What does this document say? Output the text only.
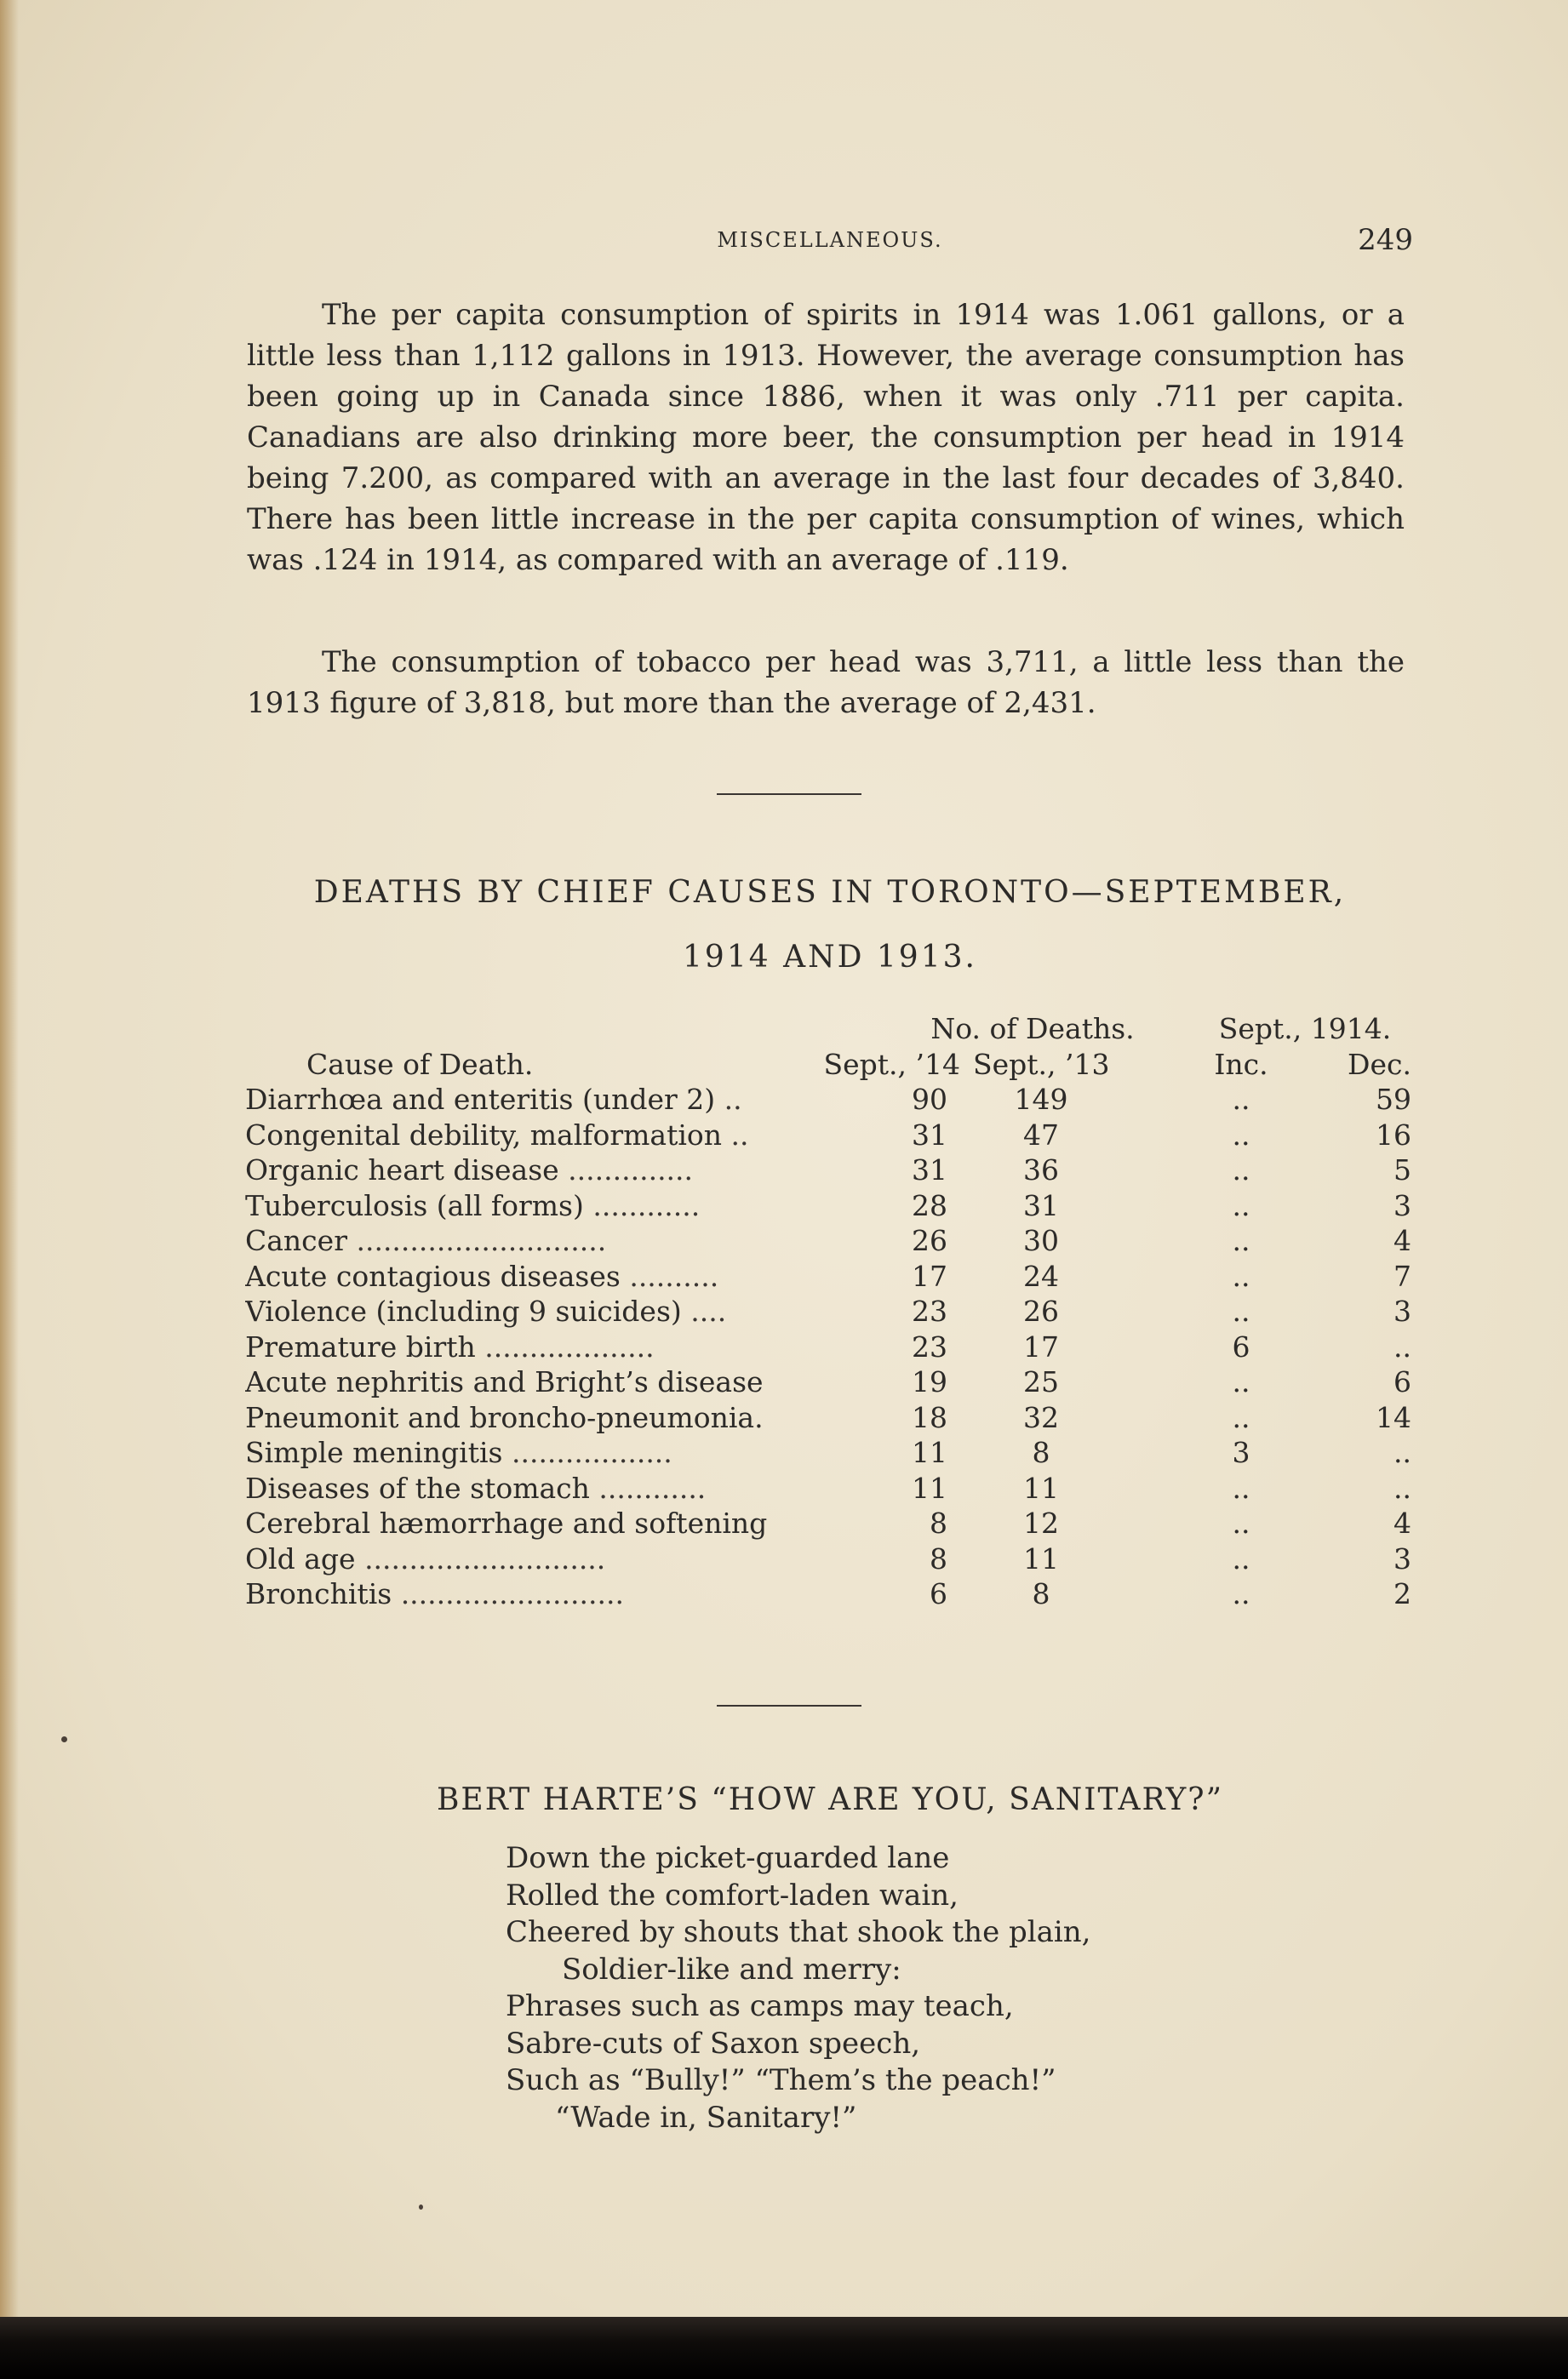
MISCELLANEOUS.	249

The per capita consumption of spirits in 1914 was 1.061 gallons, or a little less than 1,112 gallons in 1913. However, the average consumption has been going up in Canada since 1886, when it was only .711 per capita. Canadians are also drinking more beer, the consumption per head in 1914 being 7.200, as compared with an average in the last four decades of 3,840. There has been little increase in the per capita consumption of wines, which was .124 in 1914, as compared with an average of .119.

The consumption of tobacco per head was 3,711, a little less than the 1913 figure of 3,818, but more than the average of 2,431.

DEATHS BY CHIEF CAUSES IN TORONTO—SEPTEMBER,
1914 AND 1913.
No. of Deaths.	Sept., 1914.
Cause of Death.	Sept., ’14 Sept., ’13	Inc.	Dec.
Diarrhœa and enteritis (under 2) ..	90	149	..	59
Congenital debility, malformation ..	31	47	..	16
Organic heart disease ..............	31	36	..	5
Tuberculosis (all forms) ............	28	31	..	3
Cancer ............................	26	30	..	4
Acute contagious diseases ..........	17	24	..	7
Violence (including 9 suicides) ....	23	26	..	3
Premature birth ...................	23	17	6	..
Acute nephritis and Bright’s disease	19	25	..	6
Pneumonit and broncho-pneumonia.	18	32	..	14
Simple meningitis ..................	11	8	3	..
Diseases of the stomach ............	11	11	..	..
Cerebral hæmorrhage and softening	8	12	..	4
Old age ...........................	8	11	..	3
Bronchitis .........................	6	8	..	2
BERT HARTE’S “HOW ARE YOU, SANITARY?”
Down the picket-guarded lane
Rolled the comfort-laden wain,
Cheered by shouts that shook the plain,
Soldier-like and merry:
Phrases such as camps may teach,
Sabre-cuts of Saxon speech,
Such as “Bully!” “Them’s the peach!”
“Wade in, Sanitary!”
